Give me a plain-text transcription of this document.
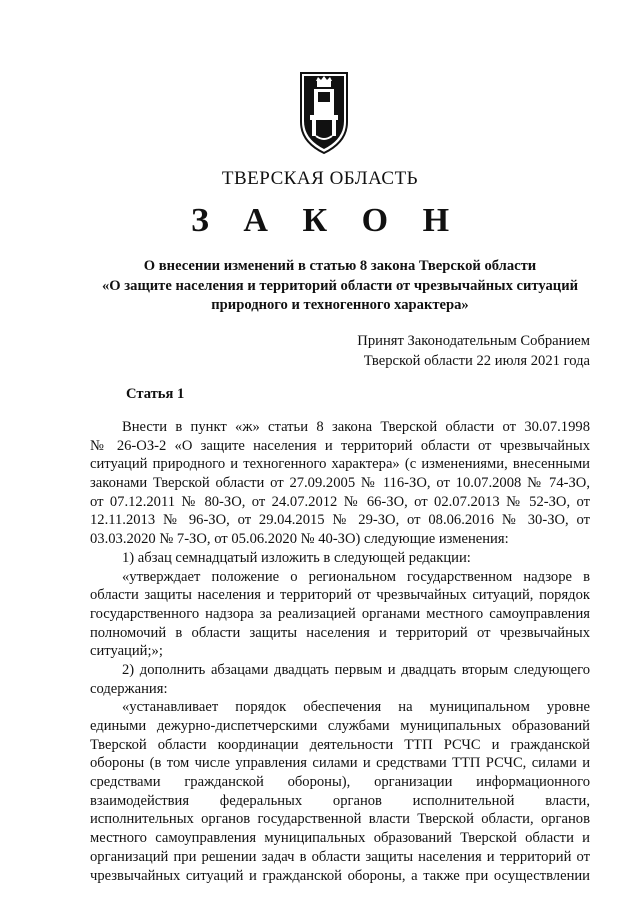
ТВЕРСКАЯ ОБЛАСТЬ
З А К О Н
О внесении изменений в статью 8 закона Тверской области
«О защите населения и территорий области от чрезвычайных ситуаций
природного и техногенного характера»
Принят Законодательным Собранием
Тверской области 22 июля 2021 года
Статья 1
Внести в пункт «ж» статьи 8 закона Тверской области от 30.07.1998
№ 26-ОЗ-2 «О защите населения и территорий области от чрезвычайных
ситуаций природного и техногенного характера» (с изменениями, внесенными
законами Тверской области от 27.09.2005 № 116-ЗО, от 10.07.2008 № 74-ЗО,
от 07.12.2011 № 80-ЗО, от 24.07.2012 № 66-ЗО, от 02.07.2013 № 52-ЗО, от
12.11.2013 № 96-ЗО, от 29.04.2015 № 29-ЗО, от 08.06.2016 № 30-ЗО, от
03.03.2020 № 7-ЗО, от 05.06.2020 № 40-ЗО) следующие изменения:
1) абзац семнадцатый изложить в следующей редакции:
«утверждает положение о региональном государственном надзоре в
области защиты населения и территорий от чрезвычайных ситуаций, порядок
государственного надзора за реализацией органами местного самоуправления
полномочий в области защиты населения и территорий от чрезвычайных
ситуаций;»;
2) дополнить абзацами двадцать первым и двадцать вторым следующего
содержания:
«устанавливает порядок обеспечения на муниципальном уровне
едиными дежурно-диспетчерскими службами муниципальных образований
Тверской области координации деятельности ТТП РСЧС и гражданской
обороны (в том числе управления силами и средствами ТТП РСЧС, силами и
средствами гражданской обороны), организации информационного
взаимодействия федеральных органов исполнительной власти,
исполнительных органов государственной власти Тверской области, органов
местного самоуправления муниципальных образований Тверской области и
организаций при решении задач в области защиты населения и территорий от
чрезвычайных ситуаций и гражданской обороны, а также при осуществлении
